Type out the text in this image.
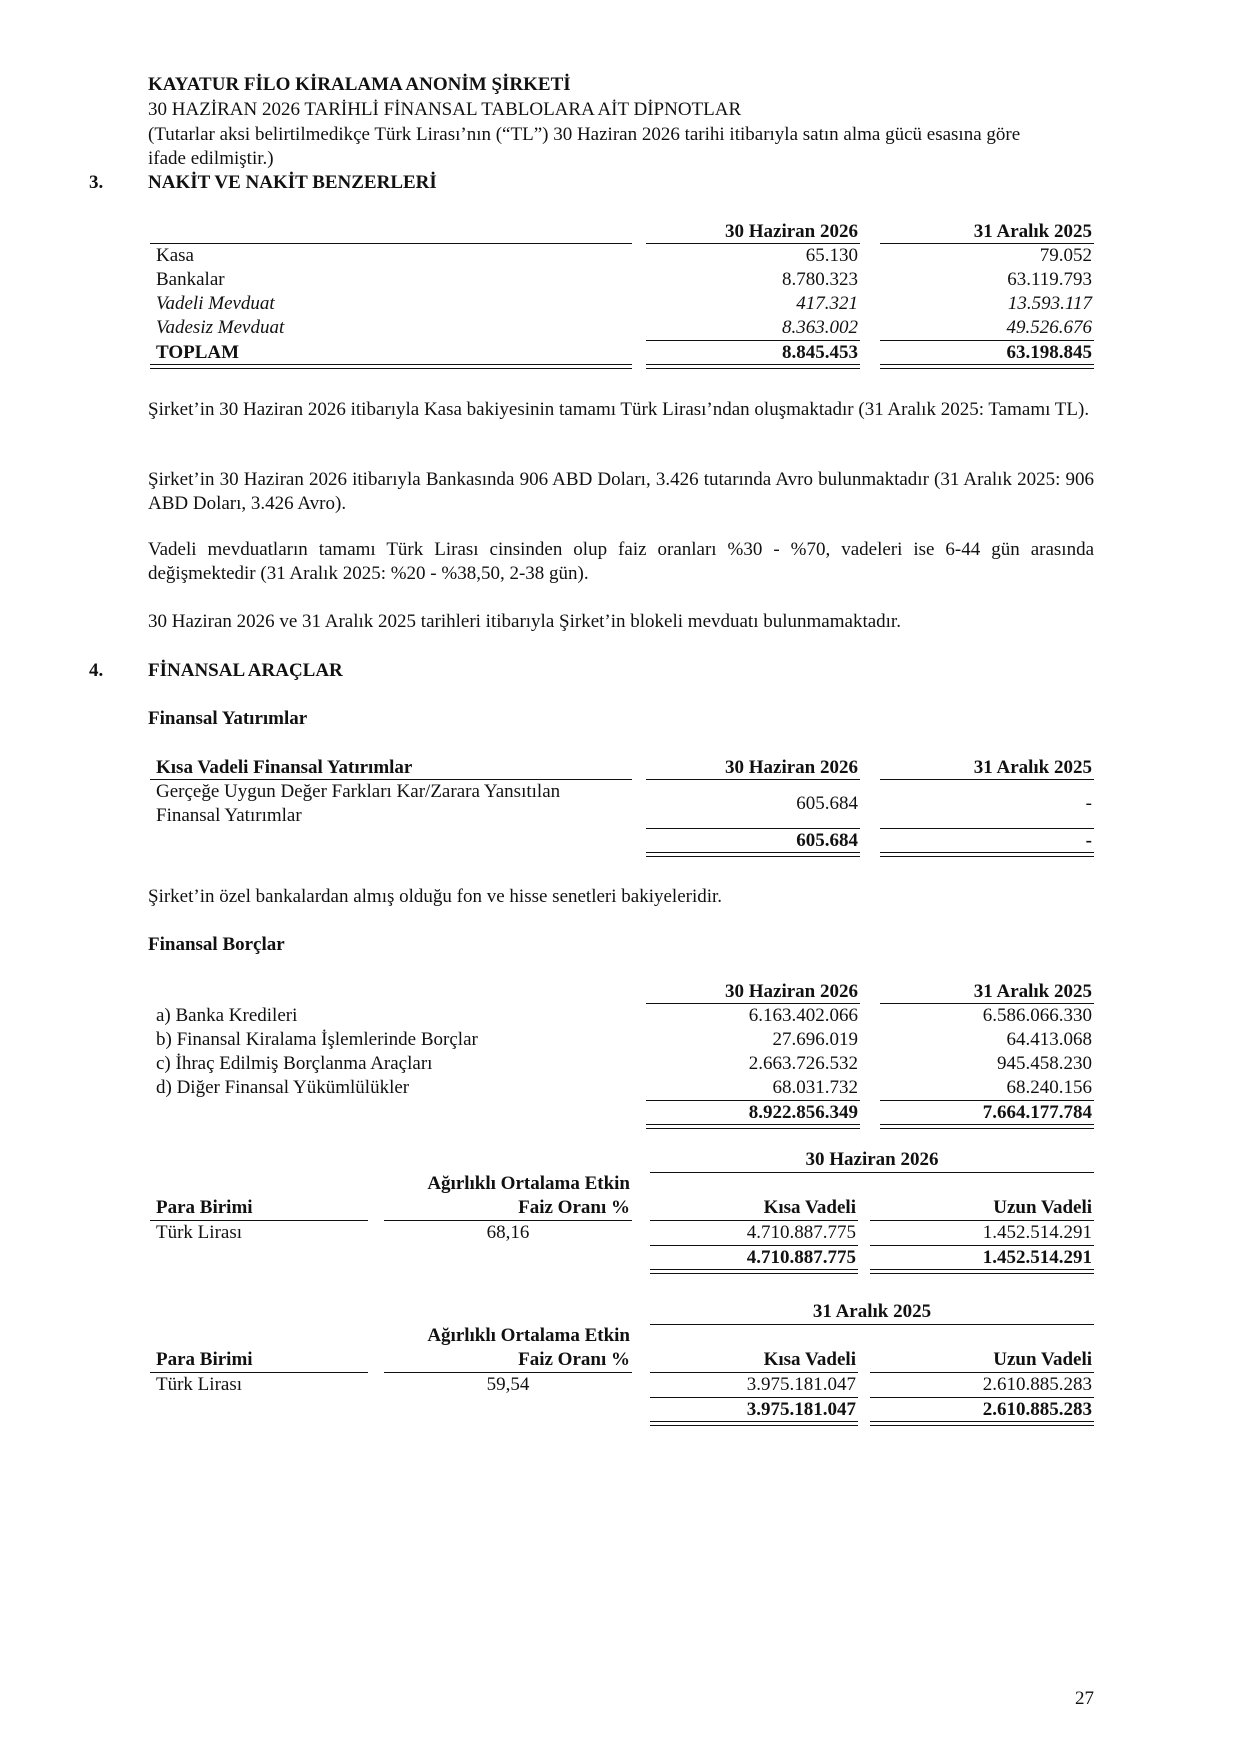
KAYATUR FİLO KİRALAMA ANONİM ŞİRKETİ
30 HAZİRAN 2026 TARİHLİ FİNANSAL TABLOLARA AİT DİPNOTLAR
(Tutarlar aksi belirtilmedikçe Türk Lirası’nın (“TL”) 30 Haziran 2026 tarihi itibarıyla satın alma gücü esasına göre
ifade edilmiştir.)
3. NAKİT VE NAKİT BENZERLERİ
30 Haziran 2026	31 Aralık 2025
Kasa	65.130	79.052
Bankalar	8.780.323	63.119.793
Vadeli Mevduat	417.321	13.593.117
Vadesiz Mevduat	8.363.002	49.526.676
TOPLAM	8.845.453	63.198.845

Şirket’in 30 Haziran 2026 itibarıyla Kasa bakiyesinin tamamı Türk Lirası’ndan oluşmaktadır (31 Aralık 2025: Tamamı TL).

Şirket’in 30 Haziran 2026 itibarıyla Bankasında 906 ABD Doları, 3.426 tutarında Avro bulunmaktadır (31 Aralık 2025: 906 ABD Doları, 3.426 Avro).

Vadeli mevduatların tamamı Türk Lirası cinsinden olup faiz oranları %30 - %70, vadeleri ise 6-44 gün arasında değişmektedir (31 Aralık 2025: %20 - %38,50, 2-38 gün).

30 Haziran 2026 ve 31 Aralık 2025 tarihleri itibarıyla Şirket’in blokeli mevduatı bulunmamaktadır.

4. FİNANSAL ARAÇLAR
Finansal Yatırımlar
Kısa Vadeli Finansal Yatırımlar	30 Haziran 2026	31 Aralık 2025
Gerçeğe Uygun Değer Farkları Kar/Zarara Yansıtılan
Finansal Yatırımlar
605.684	-
605.684	-
Şirket’in özel bankalardan almış olduğu fon ve hisse senetleri bakiyeleridir.
Finansal Borçlar
30 Haziran 2026	31 Aralık 2025
a) Banka Kredileri	6.163.402.066	6.586.066.330
b) Finansal Kiralama İşlemlerinde Borçlar	27.696.019	64.413.068
c) İhraç Edilmiş Borçlanma Araçları	2.663.726.532	945.458.230
d) Diğer Finansal Yükümlülükler	68.031.732	68.240.156
8.922.856.349	7.664.177.784
30 Haziran 2026
Ağırlıklı Ortalama Etkin
Para Birimi	Faiz Oranı %	Kısa Vadeli	Uzun Vadeli
Türk Lirası	68,16	4.710.887.775	1.452.514.291
4.710.887.775	1.452.514.291
31 Aralık 2025
Ağırlıklı Ortalama Etkin
Para Birimi	Faiz Oranı %	Kısa Vadeli	Uzun Vadeli
Türk Lirası	59,54	3.975.181.047	2.610.885.283
3.975.181.047	2.610.885.283
27
